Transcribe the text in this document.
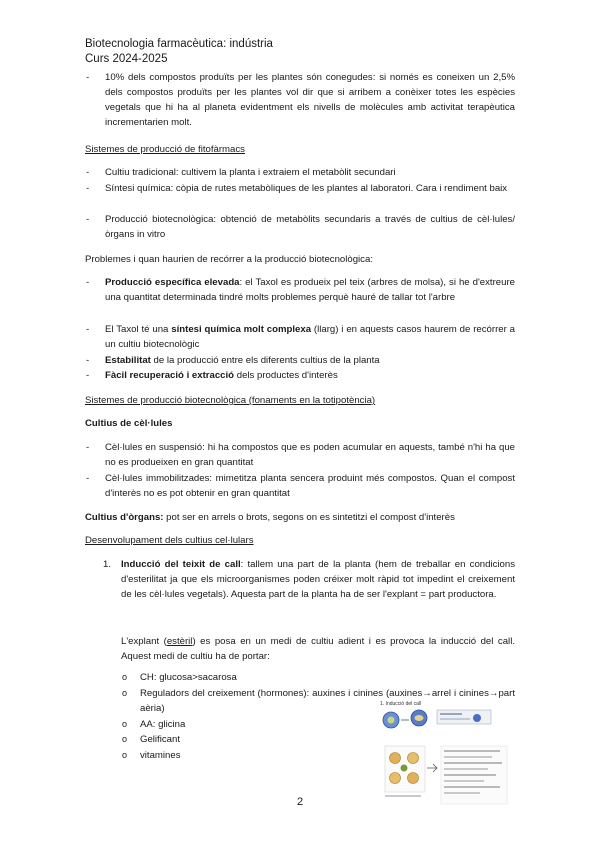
Biotecnologia farmacèutica: indústria
Curs 2024-2025
- 10% dels compostos produïts per les plantes són conegudes: si només es coneixen un 2,5% dels compostos produïts per les plantes vol dir que si arribem a conèixer totes les espècies vegetals que hi ha al planeta evidentment els nivells de molècules amb activitat terapèutica incrementarien molt.
Sistemes de producció de fitofàrmacs
- Cultiu tradicional: cultivem la planta i extraiem el metabòlit secundari
- Síntesi química: còpia de rutes metabòliques de les plantes al laboratori. Cara i rendiment baix
- Producció biotecnològica: obtenció de metabòlits secundaris a través de cultius de cèl·lules/òrgans in vitro
Problemes i quan haurien de recórrer a la producció biotecnològica:
- Producció específica elevada: el Taxol es produeix pel teix (arbres de molsa), si he d'extreure una quantitat determinada tindré molts problemes perquè hauré de tallar tot l'arbre
- El Taxol té una síntesi química molt complexa (llarg) i en aquests casos haurem de recórrer a un cultiu biotecnològic
- Estabilitat de la producció entre els diferents cultius de la planta
- Fàcil recuperació i extracció dels productes d'interès
Sistemes de producció biotecnològica (fonaments en la totipotència)
Cultius de cèl·lules
- Cèl·lules en suspensió: hi ha compostos que es poden acumular en aquests, també n'hi ha que no es produeixen en gran quantitat
- Cèl·lules immobilitzades: mimetitza planta sencera produint més compostos. Quan el compost d'interès no es pot obtenir en gran quantitat
Cultius d'òrgans: pot ser en arrels o brots, segons on es sintetitzi el compost d'interès
Desenvolupament dels cultius cel·lulars
1. Inducció del teixit de call: tallem una part de la planta (hem de treballar en condicions d'esterilitat ja que els microorganismes poden créixer molt ràpid tot impedint el creixement de les cèl·lules vegetals). Aquesta part de la planta ha de ser l'explant = part productora.
L'explant (estèril) es posa en un medi de cultiu adient i es provoca la inducció del call. Aquest medi de cultiu ha de portar:
o CH: glucosa>sacarosa
o Reguladors del creixement (hormones): auxines i cinines (auxines→arrel i cinines→part aèria)
o AA: glicina
o Gelificant
o vitamines
1. Inducció del call
2
